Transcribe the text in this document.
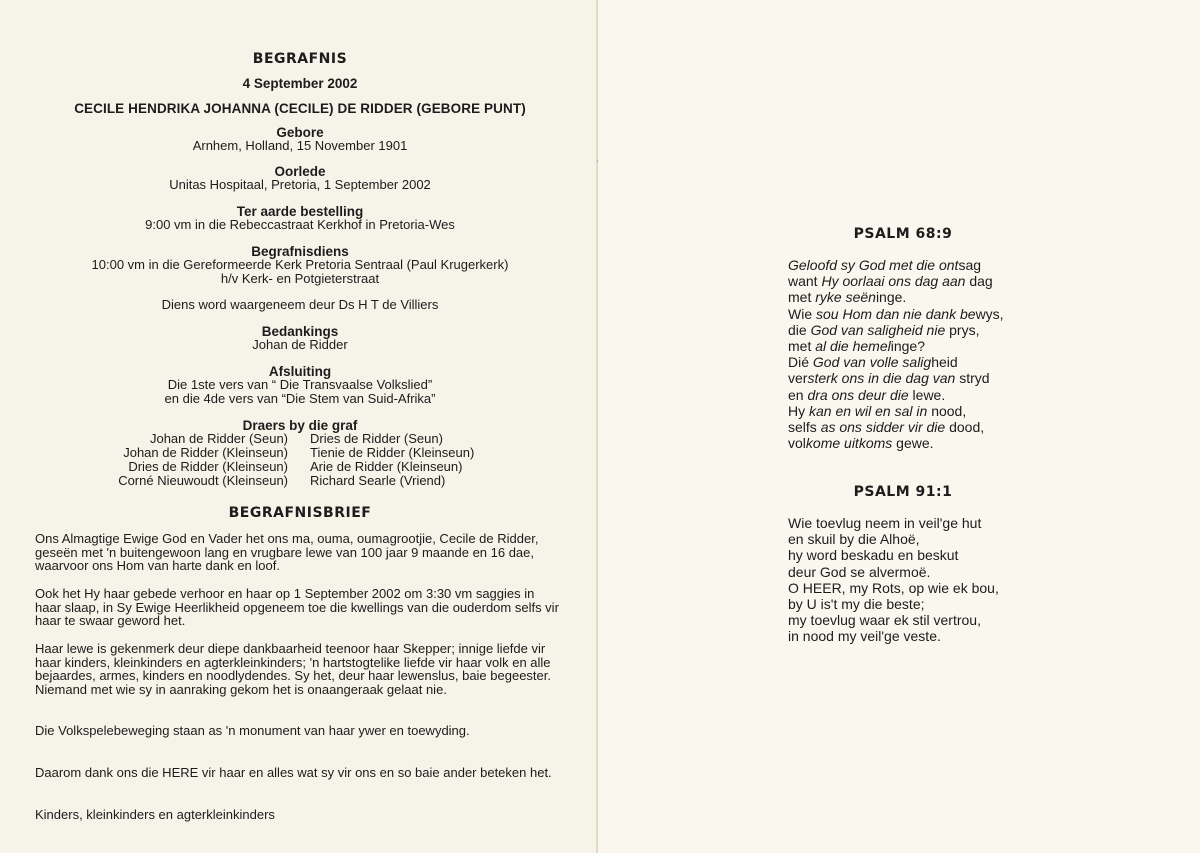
BEGRAFNIS
4 September 2002
CECILE HENDRIKA JOHANNA (CECILE) DE RIDDER (GEBORE PUNT)
Gebore
Arnhem, Holland, 15 November 1901
Oorlede
Unitas Hospitaal, Pretoria, 1 September 2002
Ter aarde bestelling
9:00 vm in die Rebeccastraat Kerkhof in Pretoria-Wes
Begrafnisdiens
10:00 vm in die Gereformeerde Kerk Pretoria Sentraal (Paul Krugerkerk)
h/v Kerk- en Potgieterstraat
Diens word waargeneem deur Ds H T de Villiers
Bedankings
Johan de Ridder
Afsluiting
Die 1ste vers van “ Die Transvaalse Volkslied”
en die 4de vers van “Die Stem van Suid-Afrika”
Draers by die graf
Johan de Ridder (Seun)
Johan de Ridder (Kleinseun)
Dries de Ridder (Kleinseun)
Corné Nieuwoudt (Kleinseun)
Dries de Ridder (Seun)
Tienie de Ridder (Kleinseun)
Arie de Ridder (Kleinseun)
Richard Searle (Vriend)
BEGRAFNISBRIEF
Ons Almagtige Ewige God en Vader het ons ma, ouma, oumagrootjie, Cecile de Ridder, geseën met 'n buitengewoon lang en vrugbare lewe van 100 jaar 9 maande en 16 dae, waarvoor ons Hom van harte dank en loof.
Ook het Hy haar gebede verhoor en haar op 1 September 2002 om 3:30 vm saggies in haar slaap, in Sy Ewige Heerlikheid opgeneem toe die kwellings van die ouderdom selfs vir haar te swaar geword het.
Haar lewe is gekenmerk deur diepe dankbaarheid teenoor haar Skepper; innige liefde vir haar kinders, kleinkinders en agterkleinkinders; 'n hartstogtelike liefde vir haar volk en alle bejaardes, armes, kinders en noodlydendes. Sy het, deur haar lewenslus, baie begeester. Niemand met wie sy in aanraking gekom het is onaangeraak gelaat nie.
Die Volkspelebeweging staan as 'n monument van haar ywer en toewyding.
Daarom dank ons die HERE vir haar en alles wat sy vir ons en so baie ander beteken het.
Kinders, kleinkinders en agterkleinkinders
PSALM 68:9
Geloofd sy God met die ontsag
want Hy oorlaai ons dag aan dag
met ryke seëninge.
Wie sou Hom dan nie dank bewys,
die God van saligheid nie prys,
met al die hemelinge?
Dié God van volle saligheid
versterk ons in die dag van stryd
en dra ons deur die lewe.
Hy kan en wil en sal in nood,
selfs as ons sidder vir die dood,
volkome uitkoms gewe.
PSALM 91:1
Wie toevlug neem in veil'ge hut
en skuil by die Alhoë,
hy word beskadu en beskut
deur God se alvermoë.
O HEER, my Rots, op wie ek bou,
by U is't my die beste;
my toevlug waar ek stil vertrou,
in nood my veil'ge veste.
